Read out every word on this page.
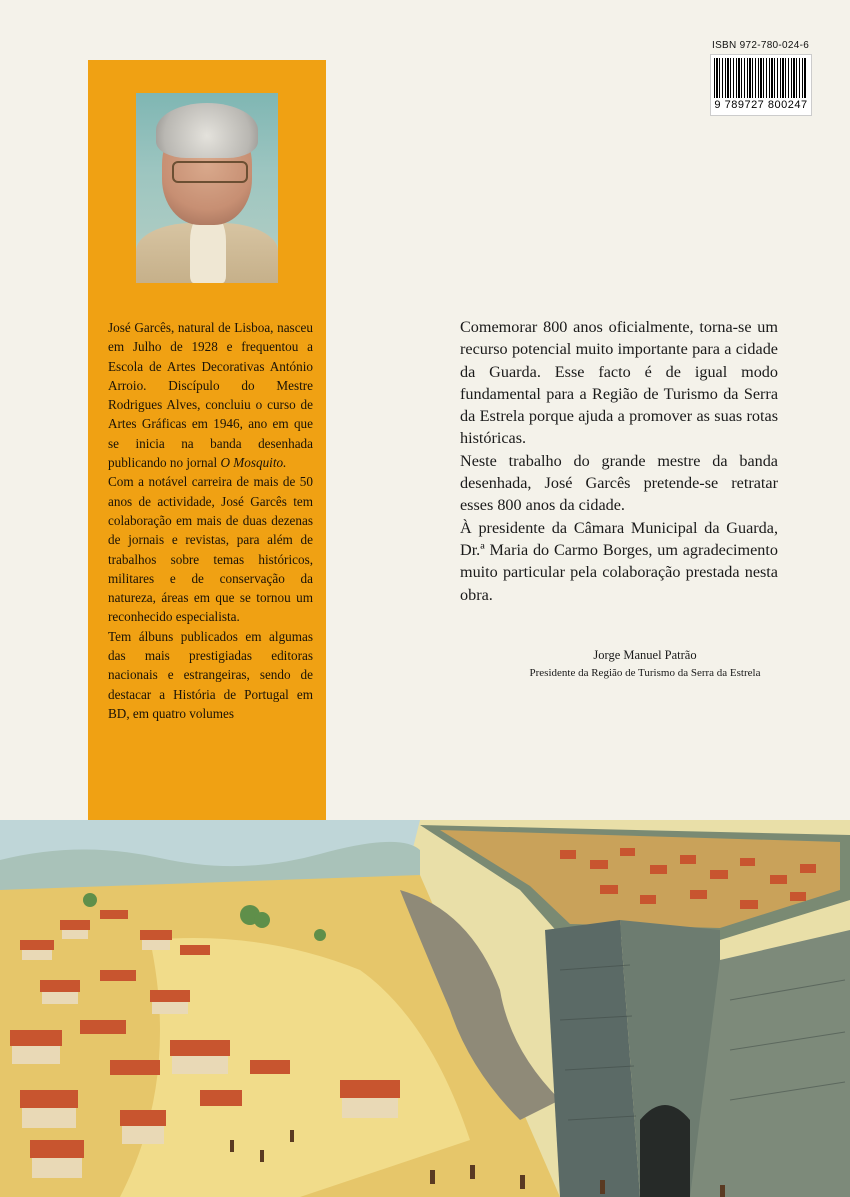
ISBN 972-780-024-6
9 789727 800247

José Garcês, natural de Lisboa, nasceu em Julho de 1928 e frequentou a Escola de Artes Decorativas António Arroio. Discípulo do Mestre Rodrigues Alves, concluiu o curso de Artes Gráficas em 1946, ano em que se inicia na banda desenhada publicando no jornal O Mosquito.

Com a notável carreira de mais de 50 anos de actividade, José Garcês tem colaboração em mais de duas dezenas de jornais e revistas, para além de trabalhos sobre temas históricos, militares e de conservação da natureza, áreas em que se tornou um reconhecido especialista.

Tem álbuns publicados em algumas das mais prestigiadas editoras nacionais e estrangeiras, sendo de destacar a História de Portugal em BD, em quatro volumes

Comemorar 800 anos oficialmente, torna-se um recurso potencial muito importante para a cidade da Guarda. Esse facto é de igual modo fundamental para a Região de Turismo da Serra da Estrela porque ajuda a promover as suas rotas históricas.

Neste trabalho do grande mestre da banda desenhada, José Garcês pretende-se retratar esses 800 anos da cidade.

À presidente da Câmara Municipal da Guarda, Dr.ª Maria do Carmo Borges, um agradecimento muito particular pela colaboração prestada nesta obra.

Jorge Manuel Patrão
Presidente da Região de Turismo da Serra da Estrela
